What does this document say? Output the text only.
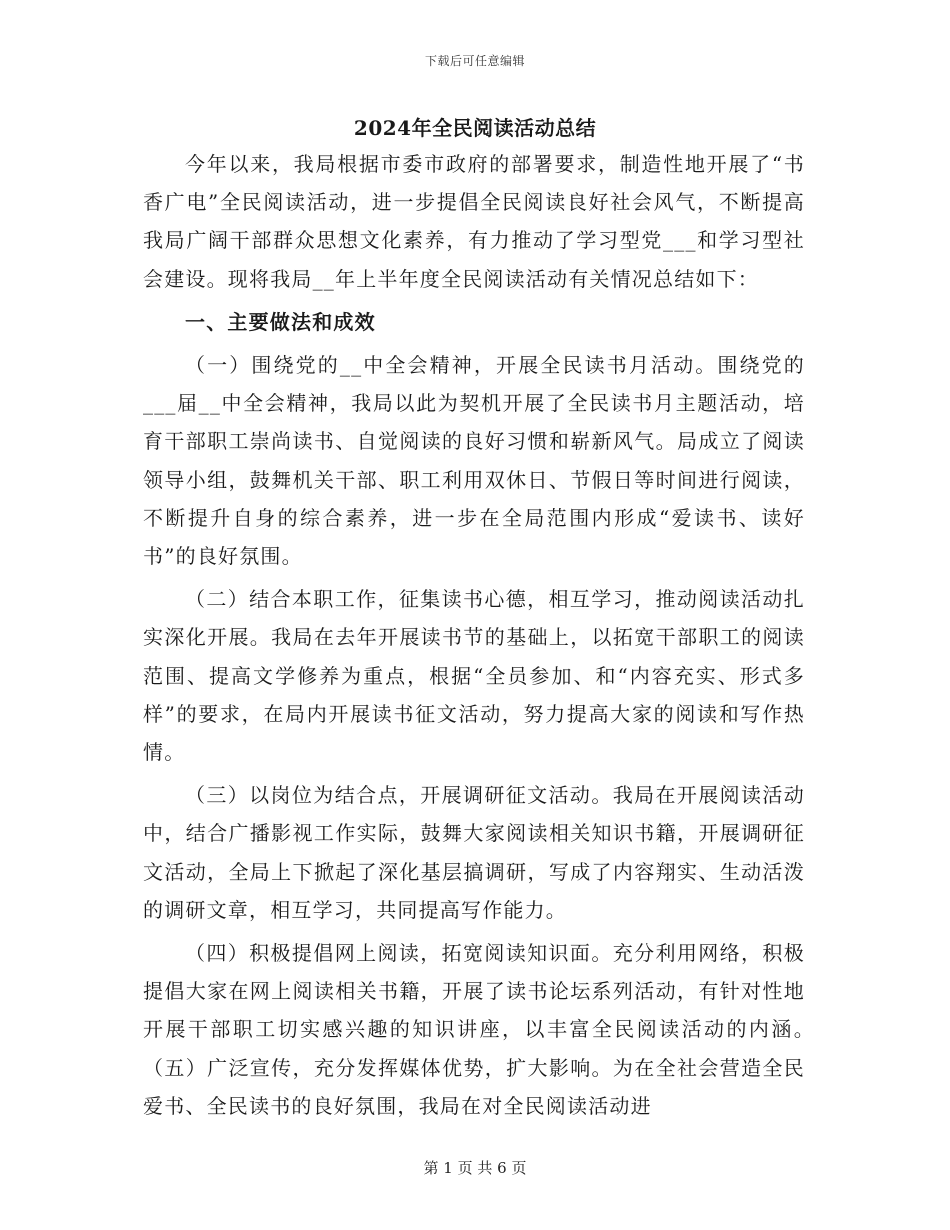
下载后可任意编辑
2024年全民阅读活动总结

今年以来，我局根据市委市政府的部署要求，制造性地开展了“书香广电”全民阅读活动，进一步提倡全民阅读良好社会风气，不断提高我局广阔干部群众思想文化素养，有力推动了学习型党___和学习型社会建设。现将我局__年上半年度全民阅读活动有关情况总结如下：

一、主要做法和成效

（一）围绕党的__中全会精神，开展全民读书月活动。围绕党的___届__中全会精神，我局以此为契机开展了全民读书月主题活动，培育干部职工崇尚读书、自觉阅读的良好习惯和崭新风气。局成立了阅读领导小组，鼓舞机关干部、职工利用双休日、节假日等时间进行阅读，不断提升自身的综合素养，进一步在全局范围内形成“爱读书、读好书”的良好氛围。

（二）结合本职工作，征集读书心德，相互学习，推动阅读活动扎实深化开展。我局在去年开展读书节的基础上，以拓宽干部职工的阅读范围、提高文学修养为重点，根据“全员参加、和“内容充实、形式多样”的要求，在局内开展读书征文活动，努力提高大家的阅读和写作热情。

（三）以岗位为结合点，开展调研征文活动。我局在开展阅读活动中，结合广播影视工作实际，鼓舞大家阅读相关知识书籍，开展调研征文活动，全局上下掀起了深化基层搞调研，写成了内容翔实、生动活泼的调研文章，相互学习，共同提高写作能力。

（四）积极提倡网上阅读，拓宽阅读知识面。充分利用网络，积极提倡大家在网上阅读相关书籍，开展了读书论坛系列活动，有针对性地开展干部职工切实感兴趣的知识讲座，以丰富全民阅读活动的内涵。　　　（五）广泛宣传，充分发挥媒体优势，扩大影响。为在全社会营造全民爱书、全民读书的良好氛围，我局在对全民阅读活动进

第 1 页 共 6 页
